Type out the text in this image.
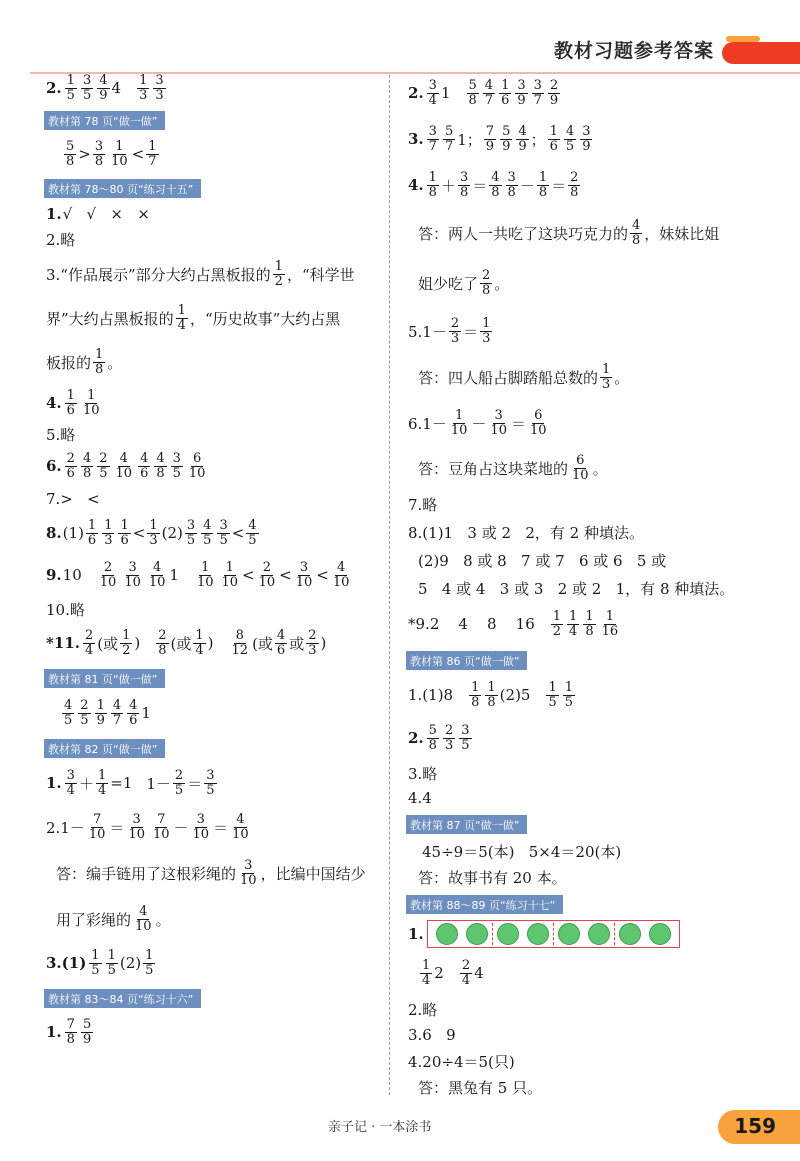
教材习题参考答案
2. $\frac{1}{5} \frac{3}{5} \frac{4}{9} 4 \frac{1}{3} \frac{3}{3}$
教材第 78 页“做一做”
$\frac{5}{8} > \frac{3}{8} \frac{1}{10} < \frac{1}{7}$
教材第 78～80 页“练习十五”
1. √   √   ×   ×
2.略
3.“作品展示”部分大约占黑板报的 $\frac{1}{2}$ ，“科学世
界”大约占黑板报的 $\frac{1}{4}$ ，“历史故事”大约占黑
板报的 $\frac{1}{8}$ 。
4. $\frac{1}{6} \frac{1}{10}$
5.略
6. $\frac{2}{6} \frac{4}{8} \frac{2}{5} \frac{4}{10} \frac{4}{6} \frac{4}{8} \frac{3}{5} \frac{6}{10}$
7.>   <
8. $(1) \frac{1}{6} \frac{1}{3} \frac{1}{6} < \frac{1}{3} (2) \frac{3}{5} \frac{4}{5} \frac{3}{5} < \frac{4}{5}$
9. $10 \frac{2}{10} \frac{3}{10} \frac{4}{10} 1 \frac{1}{10} \frac{1}{10} < \frac{2}{10} < \frac{3}{10} < \frac{4}{10}$
10.略
*11. $\frac{2}{4}$ (或 $\frac{1}{2}$ ) $\frac{2}{8}$ (或 $\frac{1}{4}$ ) $\frac{8}{12}$ (或 $\frac{4}{6}$ 或 $\frac{2}{3}$ )
教材第 81 页“做一做”
$\frac{4}{5} \frac{2}{5} \frac{1}{9} \frac{4}{7} \frac{4}{6} 1$
教材第 82 页“做一做”
1. $\frac{3}{4} + \frac{1}{4} =1$ $1- \frac{2}{5} = \frac{3}{5}$
$2.1- \frac{7}{10} = \frac{3}{10} \frac{7}{10} - \frac{3}{10} = \frac{4}{10}$
答：编手链用了这根彩绳的 $\frac{3}{10}$ ，比编中国结少
用了彩绳的 $\frac{4}{10}$ 。
$3.(1) \frac{1}{5} \frac{1}{5} (2) \frac{1}{5}$
教材第 83～84 页“练习十六”
1. $\frac{7}{8} \frac{5}{9}$
2. $\frac{3}{4} 1 \frac{5}{8} \frac{4}{7} \frac{1}{6} \frac{3}{9} \frac{3}{7} \frac{2}{9}$
3. $\frac{3}{7} \frac{5}{7} 1$； $\frac{7}{9} \frac{5}{9} \frac{4}{9}$ ； $\frac{1}{6} \frac{4}{5} \frac{3}{9}$
4. $\frac{1}{8} + \frac{3}{8} = \frac{4}{8} \frac{3}{8} - \frac{1}{8} = \frac{2}{8}$
答：两人一共吃了这块巧克力的 $\frac{4}{8}$ ，妹妹比姐
姐少吃了 $\frac{2}{8}$ 。
$5.1- \frac{2}{3} = \frac{1}{3}$
答：四人船占脚踏船总数的 $\frac{1}{3}$ 。
$6.1- \frac{1}{10} - \frac{3}{10} = \frac{6}{10}$
答：豆角占这块菜地的 $\frac{6}{10}$ 。
7.略
8.(1)1   3 或 2   2，有 2 种填法。
(2)9   8 或 8   7 或 7   6 或 6   5 或
5   4 或 4   3 或 3   2 或 2   1，有 8 种填法。
*9. 2    4    8    $16 \frac{1}{2} \frac{1}{4} \frac{1}{8} \frac{1}{16}$
教材第 86 页“做一做”
$1.(1)8 \frac{1}{8} \frac{1}{8} (2)5 \frac{1}{5} \frac{1}{5}$
2. $\frac{5}{8} \frac{2}{3} \frac{3}{5}$
3.略
4.4
教材第 87 页“做一做”
45÷9＝5(本)   5×4＝20(本)
答：故事书有 20 本。
教材第 88～89 页“练习十七”
1.
$\frac{1}{4} 2 \frac{2}{4} 4$
2.略
3.6   9
4.20÷4＝5(只)
答：黑兔有 5 只。
亲子记 · 一本涂书	159
